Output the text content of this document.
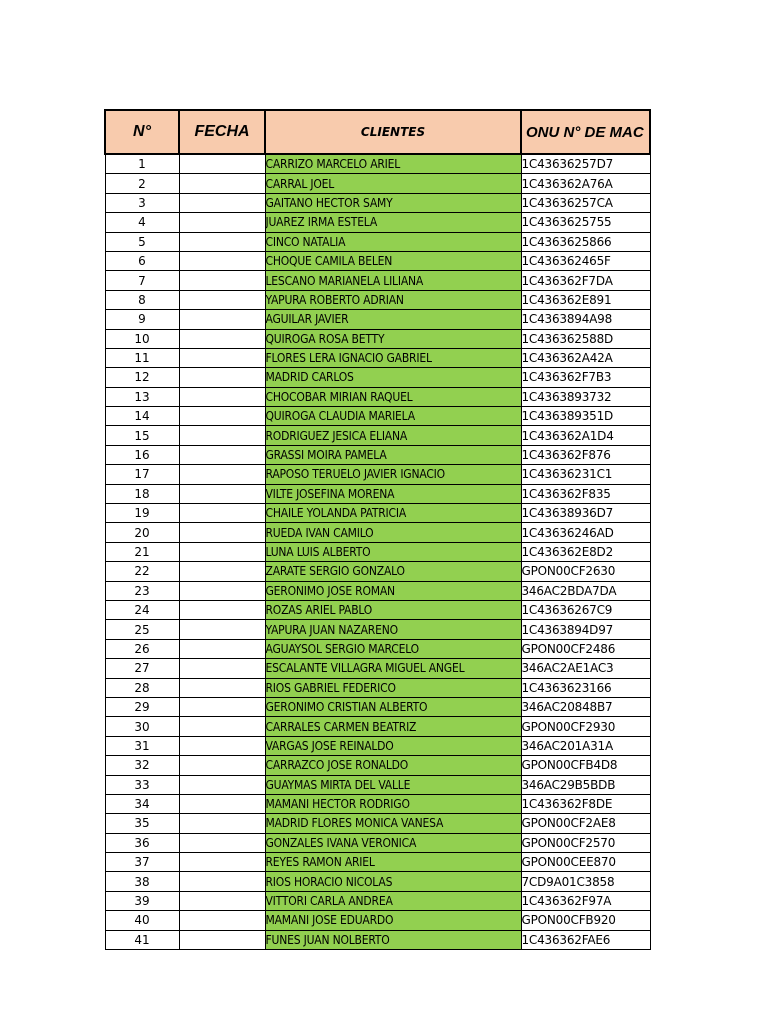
N°	FECHA	CLIENTES	ONU N° DE MAC
1		CARRIZO MARCELO ARIEL	1C43636257D7
2		CARRAL JOEL	1C436362A76A
3		GAITANO HECTOR SAMY	1C43636257CA
4		JUAREZ IRMA ESTELA	1C4363625755
5		CINCO NATALIA	1C4363625866
6		CHOQUE CAMILA BELEN	1C436362465F
7		LESCANO MARIANELA LILIANA	1C436362F7DA
8		YAPURA ROBERTO ADRIAN	1C436362E891
9		AGUILAR JAVIER	1C4363894A98
10		QUIROGA ROSA BETTY	1C436362588D
11		FLORES LERA IGNACIO GABRIEL	1C436362A42A
12		MADRID CARLOS	1C436362F7B3
13		CHOCOBAR MIRIAN RAQUEL	1C4363893732
14		QUIROGA CLAUDIA MARIELA	1C436389351D
15		RODRIGUEZ JESICA ELIANA	1C436362A1D4
16		GRASSI MOIRA PAMELA	1C436362F876
17		RAPOSO TERUELO JAVIER IGNACIO	1C43636231C1
18		VILTE JOSEFINA MORENA	1C436362F835
19		CHAILE YOLANDA PATRICIA	1C43638936D7
20		RUEDA IVAN CAMILO	1C43636246AD
21		LUNA LUIS ALBERTO	1C436362E8D2
22		ZARATE SERGIO GONZALO	GPON00CF2630
23		GERONIMO JOSE ROMAN	346AC2BDA7DA
24		ROZAS ARIEL PABLO	1C43636267C9
25		YAPURA JUAN NAZARENO	1C4363894D97
26		AGUAYSOL SERGIO MARCELO	GPON00CF2486
27		ESCALANTE VILLAGRA MIGUEL ANGEL	346AC2AE1AC3
28		RIOS GABRIEL FEDERICO	1C4363623166
29		GERONIMO CRISTIAN ALBERTO	346AC20848B7
30		CARRALES CARMEN BEATRIZ	GPON00CF2930
31		VARGAS JOSE REINALDO	346AC201A31A
32		CARRAZCO JOSE RONALDO	GPON00CFB4D8
33		GUAYMAS MIRTA DEL VALLE	346AC29B5BDB
34		MAMANI HECTOR RODRIGO	1C436362F8DE
35		MADRID FLORES MONICA VANESA	GPON00CF2AE8
36		GONZALES IVANA VERONICA	GPON00CF2570
37		REYES RAMON ARIEL	GPON00CEE870
38		RIOS HORACIO NICOLAS	7CD9A01C3858
39		VITTORI CARLA ANDREA	1C436362F97A
40		MAMANI JOSE EDUARDO	GPON00CFB920
41		FUNES JUAN NOLBERTO	1C436362FAE6
